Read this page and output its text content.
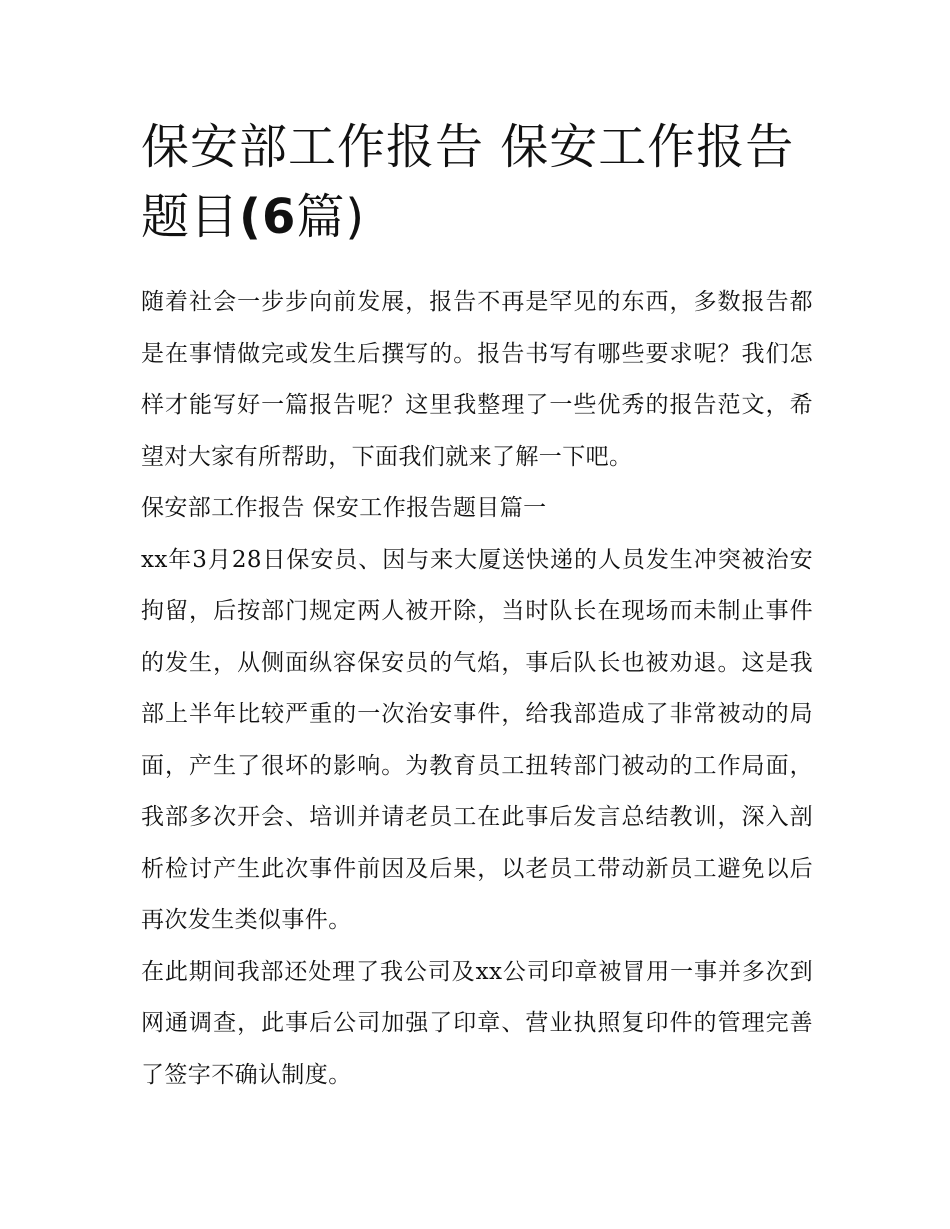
保安部工作报告 保安工作报告题目(6篇)

随着社会一步步向前发展，报告不再是罕见的东西，多数报告都是在事情做完或发生后撰写的。报告书写有哪些要求呢？我们怎样才能写好一篇报告呢？这里我整理了一些优秀的报告范文，希望对大家有所帮助，下面我们就来了解一下吧。

保安部工作报告 保安工作报告题目篇一

xx年3月28日保安员、因与来大厦送快递的人员发生冲突被治安拘留，后按部门规定两人被开除，当时队长在现场而未制止事件的发生，从侧面纵容保安员的气焰，事后队长也被劝退。这是我部上半年比较严重的一次治安事件，给我部造成了非常被动的局面，产生了很坏的影响。为教育员工扭转部门被动的工作局面，我部多次开会、培训并请老员工在此事后发言总结教训，深入剖析检讨产生此次事件前因及后果，以老员工带动新员工避免以后再次发生类似事件。

在此期间我部还处理了我公司及xx公司印章被冒用一事并多次到网通调查，此事后公司加强了印章、营业执照复印件的管理完善了签字不确认制度。
